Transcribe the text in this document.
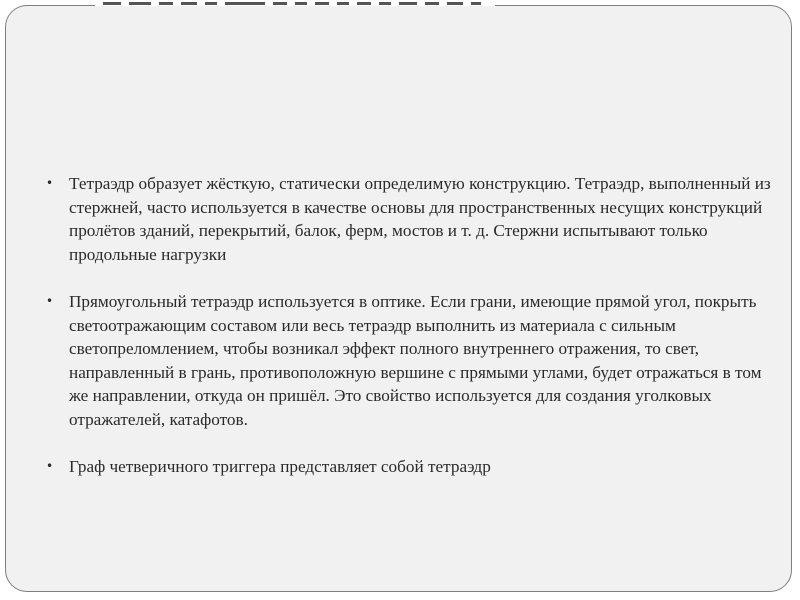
• Тетраэдр образует жёсткую, статически определимую конструкцию. Тетраэдр, выполненный из стержней, часто используется в качестве основы для пространственных несущих конструкций пролётов зданий, перекрытий, балок, ферм, мостов и т. д. Стержни испытывают только продольные нагрузки
• Прямоугольный тетраэдр используется в оптике. Если грани, имеющие прямой угол, покрыть светоотражающим составом или весь тетраэдр выполнить из материала с сильным светопреломлением, чтобы возникал эффект полного внутреннего отражения, то свет, направленный в грань, противоположную вершине с прямыми углами, будет отражаться в том же направлении, откуда он пришёл. Это свойство используется для создания уголковых отражателей, катафотов.
• Граф четверичного триггера представляет собой тетраэдр
